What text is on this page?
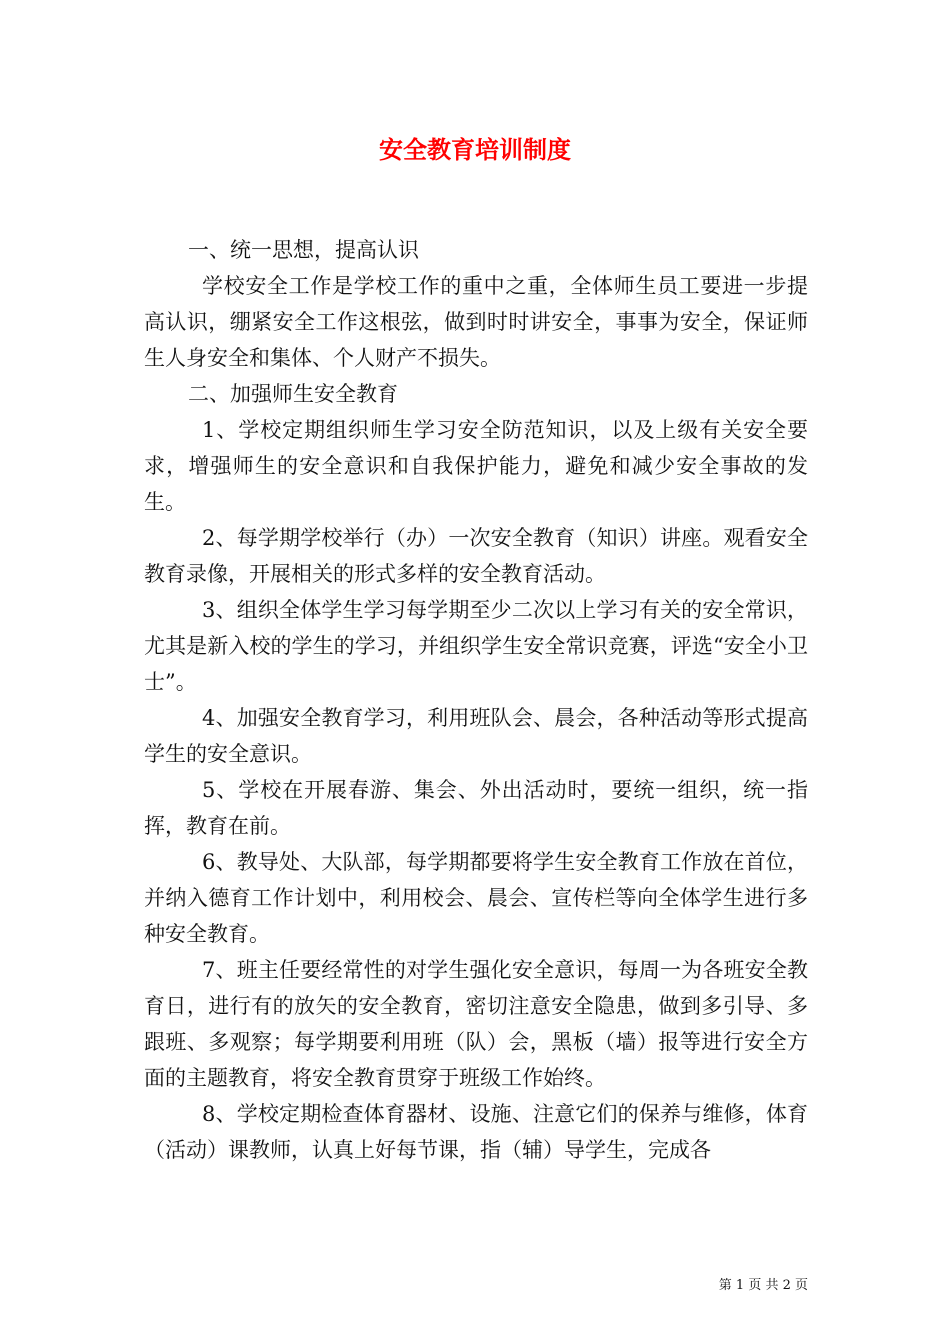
安全教育培训制度

一、统一思想，提高认识

学校安全工作是学校工作的重中之重，全体师生员工要进一步提高认识，绷紧安全工作这根弦，做到时时讲安全，事事为安全，保证师生人身安全和集体、个人财产不损失。

二、加强师生安全教育

1、学校定期组织师生学习安全防范知识，以及上级有关安全要求，增强师生的安全意识和自我保护能力，避免和减少安全事故的发生。

2、每学期学校举行（办）一次安全教育（知识）讲座。观看安全教育录像，开展相关的形式多样的安全教育活动。

3、组织全体学生学习每学期至少二次以上学习有关的安全常识，尤其是新入校的学生的学习，并组织学生安全常识竞赛，评选“安全小卫士”。

4、加强安全教育学习，利用班队会、晨会，各种活动等形式提高学生的安全意识。

5、学校在开展春游、集会、外出活动时，要统一组织，统一指挥，教育在前。

6、教导处、大队部，每学期都要将学生安全教育工作放在首位，并纳入德育工作计划中，利用校会、晨会、宣传栏等向全体学生进行多种安全教育。

7、班主任要经常性的对学生强化安全意识，每周一为各班安全教育日，进行有的放矢的安全教育，密切注意安全隐患，做到多引导、多跟班、多观察；每学期要利用班（队）会，黑板（墙）报等进行安全方面的主题教育，将安全教育贯穿于班级工作始终。

8、学校定期检查体育器材、设施、注意它们的保养与维修，体育（活动）课教师，认真上好每节课，指（辅）导学生，完成各

第 1 页 共 2 页
